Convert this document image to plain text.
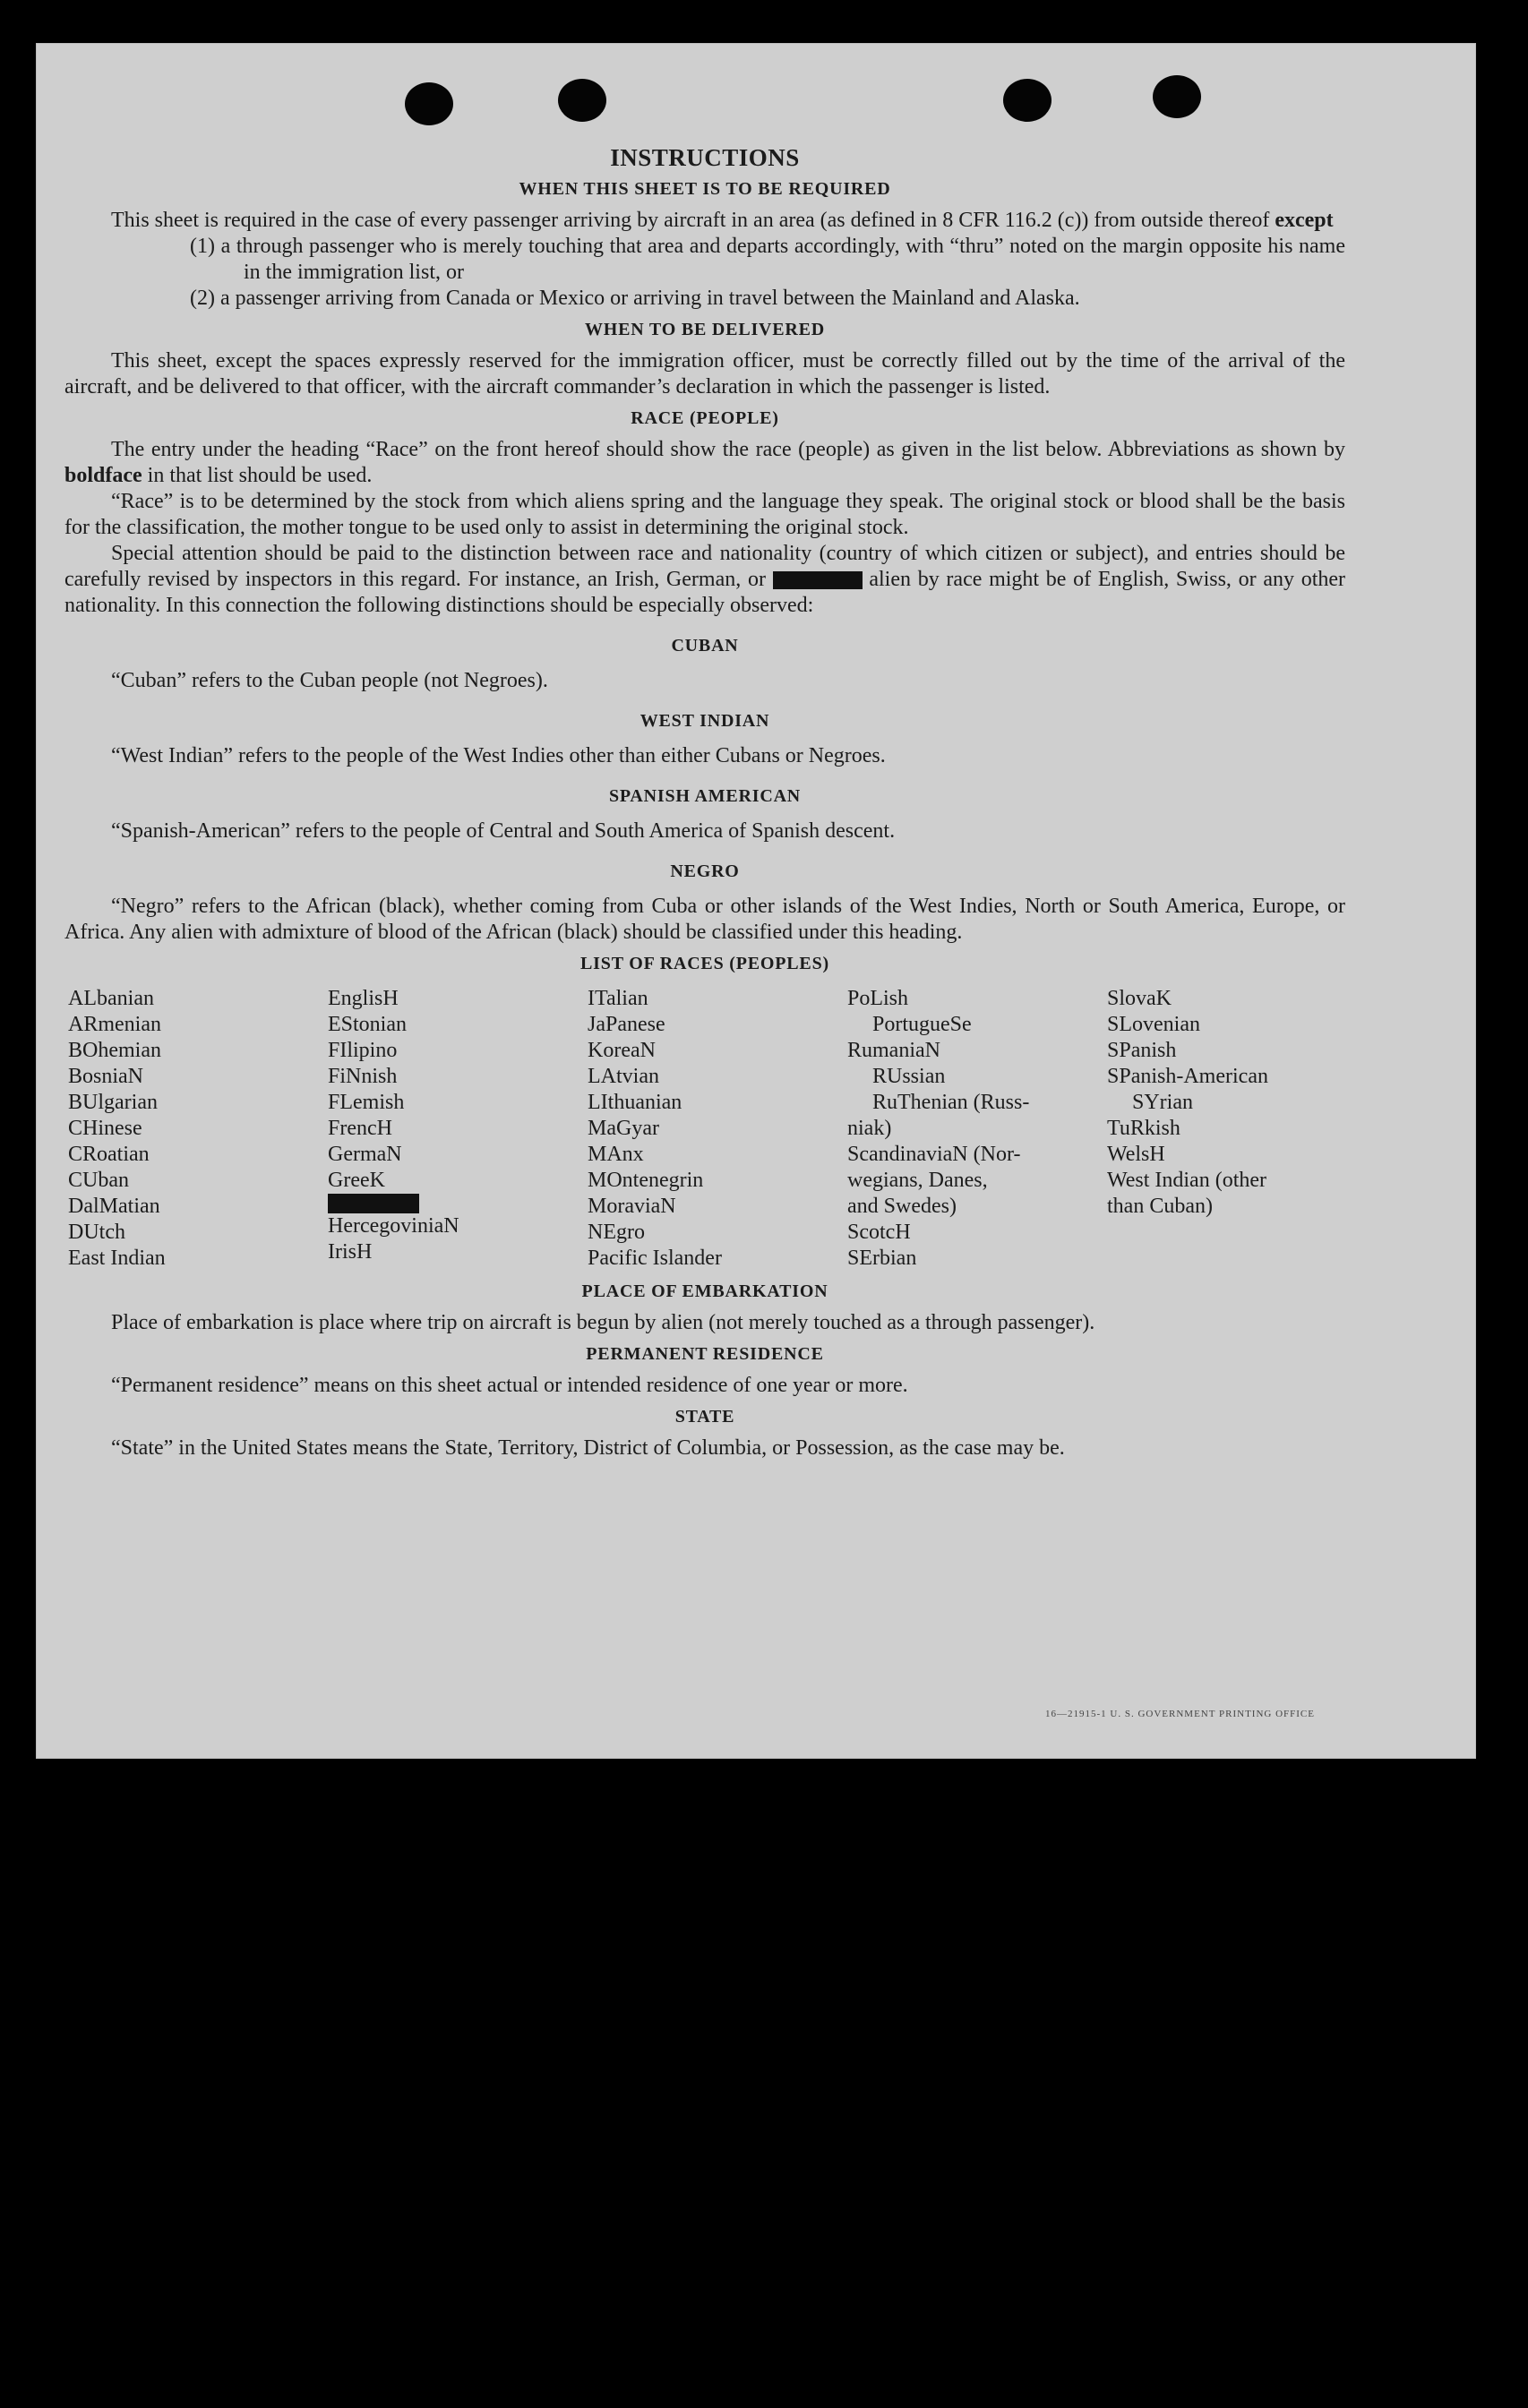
INSTRUCTIONS
WHEN THIS SHEET IS TO BE REQUIRED

This sheet is required in the case of every passenger arriving by aircraft in an area (as defined in 8 CFR 116.2 (c)) from outside thereof except

(1) a through passenger who is merely touching that area and departs accordingly, with “thru” noted on the margin opposite his name in the immigration list, or

(2) a passenger arriving from Canada or Mexico or arriving in travel between the Mainland and Alaska.

WHEN TO BE DELIVERED

This sheet, except the spaces expressly reserved for the immigration officer, must be correctly filled out by the time of the arrival of the aircraft, and be delivered to that officer, with the aircraft commander’s declaration in which the passenger is listed.

RACE (PEOPLE)

The entry under the heading “Race” on the front hereof should show the race (people) as given in the list below. Abbreviations as shown by boldface in that list should be used.

“Race” is to be determined by the stock from which aliens spring and the language they speak. The original stock or blood shall be the basis for the classification, the mother tongue to be used only to assist in determining the original stock.

Special attention should be paid to the distinction between race and nationality (country of which citizen or subject), and entries should be carefully revised by inspectors in this regard. For instance, an Irish, German, or	alien by race might be of English, Swiss, or any other nationality. In this connection the following distinctions should be especially observed:

CUBAN

“Cuban” refers to the Cuban people (not Negroes).

WEST INDIAN

“West Indian” refers to the people of the West Indies other than either Cubans or Negroes.

SPANISH AMERICAN

“Spanish-American” refers to the people of Central and South America of Spanish descent.

NEGRO

“Negro” refers to the African (black), whether coming from Cuba or other islands of the West Indies, North or South America, Europe, or Africa. Any alien with admixture of blood of the African (black) should be classified under this heading.

LIST OF RACES (PEOPLES)
ALbanian
ARmenian
BOhemian
BosniaN
BUlgarian
CHinese
CRoatian
CUban
DalMatian
DUtch
East Indian
EnglisH
EStonian
FIlipino
FiNnish
FLemish
FrencH
GermaN
GreeK
HercegoviniaN
IrisH
ITalian
JaPanese
KoreaN
LAtvian
LIthuanian
MaGyar
MAnx
MOntenegrin
MoraviaN
NEgro
Pacific Islander
PoLish
PortugueSe
RumaniaN
RUssian
RuThenian (Russ-
niak)
ScandinaviaN (Nor-
wegians, Danes,
and Swedes)
ScotcH
SErbian
SlovaK
SLovenian
SPanish
SPanish-American
SYrian
TuRkish
WelsH
West Indian (other
than Cuban)
PLACE OF EMBARKATION

Place of embarkation is place where trip on aircraft is begun by alien (not merely touched as a through passenger).

PERMANENT RESIDENCE

“Permanent residence” means on this sheet actual or intended residence of one year or more.

STATE

“State” in the United States means the State, Territory, District of Columbia, or Possession, as the case may be.

16—21915-1 U. S. GOVERNMENT PRINTING OFFICE
